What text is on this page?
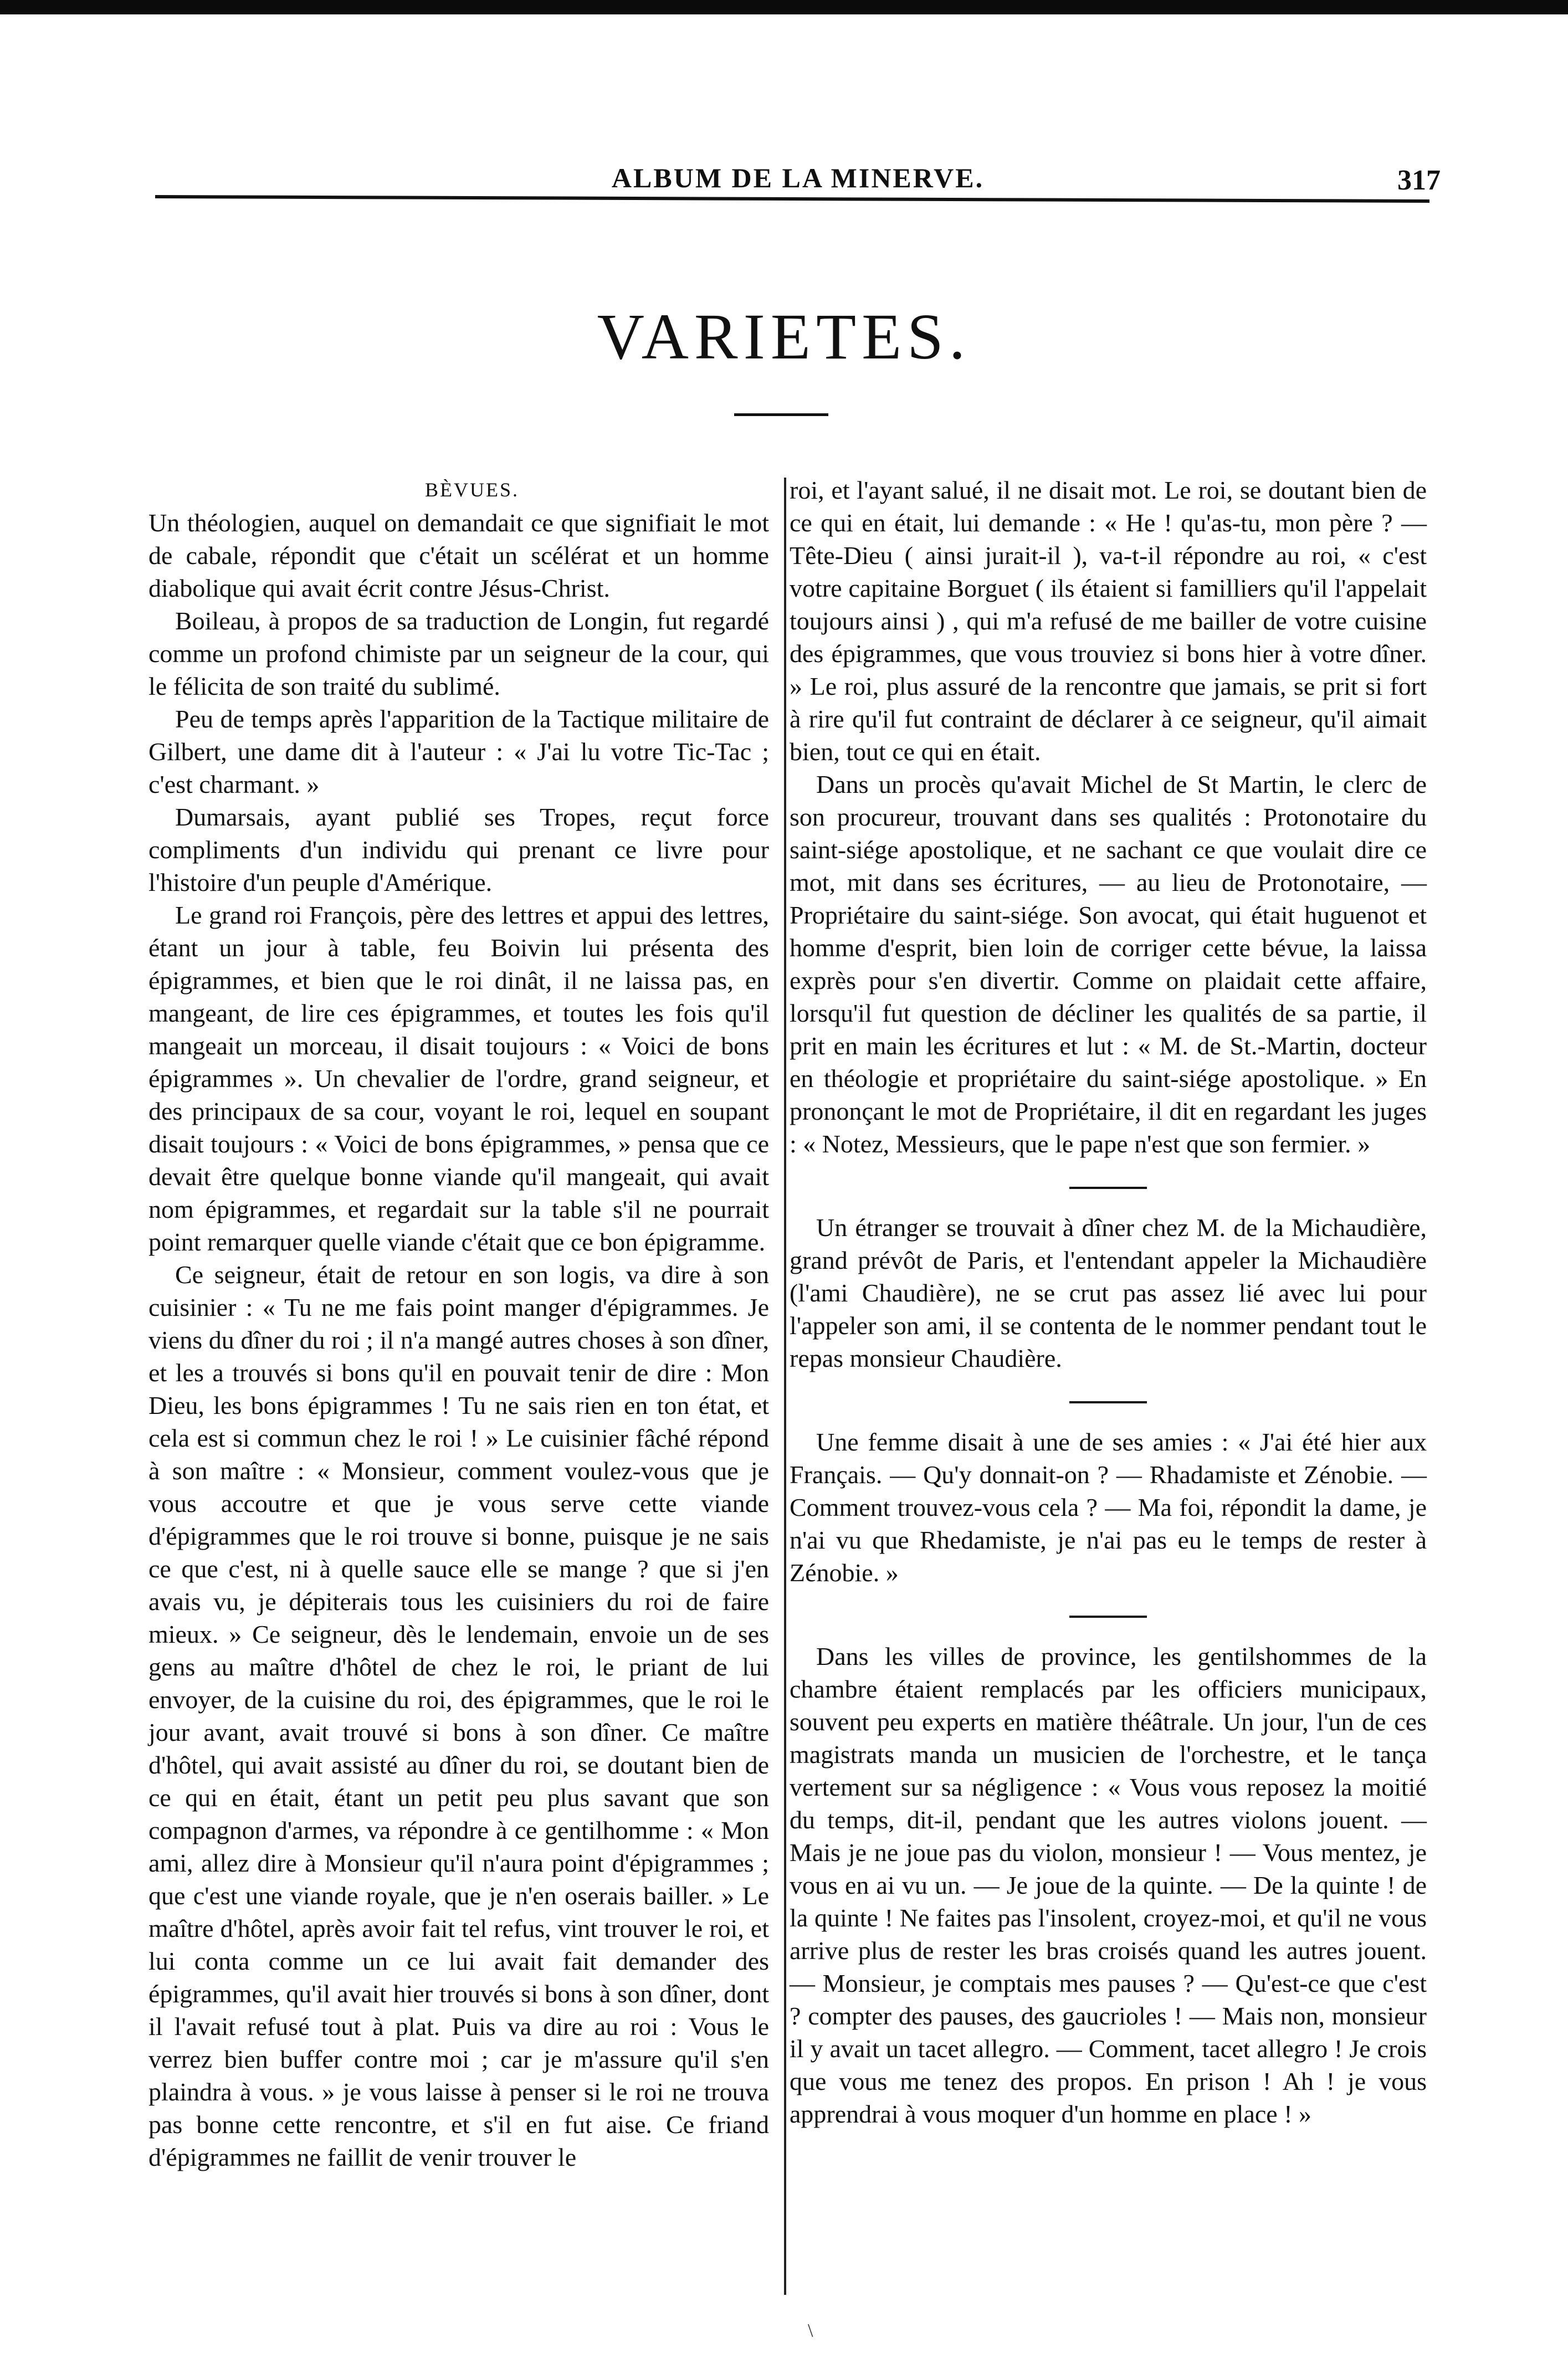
ALBUM DE LA MINERVE.	317
VARIETES.

BÈVUES.

Un théologien, auquel on demandait ce que signifiait le mot de cabale, répondit que c'était un scélérat et un homme diabolique qui avait écrit contre Jésus-Christ.

Boileau, à propos de sa traduction de Longin, fut regardé comme un profond chimiste par un seigneur de la cour, qui le félicita de son traité du sublimé.

Peu de temps après l'apparition de la Tactique militaire de Gilbert, une dame dit à l'auteur : « J'ai lu votre Tic-Tac ; c'est charmant. »

Dumarsais, ayant publié ses Tropes, reçut force compliments d'un individu qui prenant ce livre pour l'histoire d'un peuple d'Amérique.

Le grand roi François, père des lettres et appui des lettres, étant un jour à table, feu Boivin lui présenta des épigrammes, et bien que le roi dinât, il ne laissa pas, en mangeant, de lire ces épigrammes, et toutes les fois qu'il mangeait un morceau, il disait toujours : « Voici de bons épigrammes ». Un chevalier de l'ordre, grand seigneur, et des principaux de sa cour, voyant le roi, lequel en soupant disait toujours : « Voici de bons épigrammes, » pensa que ce devait être quelque bonne viande qu'il mangeait, qui avait nom épigrammes, et regardait sur la table s'il ne pourrait point remarquer quelle viande c'était que ce bon épigramme.

Ce seigneur, était de retour en son logis, va dire à son cuisinier : « Tu ne me fais point manger d'épigrammes. Je viens du dîner du roi ; il n'a mangé autres choses à son dîner, et les a trouvés si bons qu'il en pouvait tenir de dire : Mon Dieu, les bons épigrammes ! Tu ne sais rien en ton état, et cela est si commun chez le roi ! » Le cuisinier fâché répond à son maître : « Monsieur, comment voulez-vous que je vous accoutre et que je vous serve cette viande d'épigrammes que le roi trouve si bonne, puisque je ne sais ce que c'est, ni à quelle sauce elle se mange ? que si j'en avais vu, je dépiterais tous les cuisiniers du roi de faire mieux. » Ce seigneur, dès le lendemain, envoie un de ses gens au maître d'hôtel de chez le roi, le priant de lui envoyer, de la cuisine du roi, des épigrammes, que le roi le jour avant, avait trouvé si bons à son dîner. Ce maître d'hôtel, qui avait assisté au dîner du roi, se doutant bien de ce qui en était, étant un petit peu plus savant que son compagnon d'armes, va répondre à ce gentilhomme : « Mon ami, allez dire à Monsieur qu'il n'aura point d'épigrammes ; que c'est une viande royale, que je n'en oserais bailler. » Le maître d'hôtel, après avoir fait tel refus, vint trouver le roi, et lui conta comme un ce lui avait fait demander des épigrammes, qu'il avait hier trouvés si bons à son dîner, dont il l'avait refusé tout à plat. Puis va dire au roi : Vous le verrez bien buffer contre moi ; car je m'assure qu'il s'en plaindra à vous. » je vous laisse à penser si le roi ne trouva pas bonne cette rencontre, et s'il en fut aise. Ce friand d'épigrammes ne faillit de venir trouver le

roi, et l'ayant salué, il ne disait mot. Le roi, se doutant bien de ce qui en était, lui demande : « He ! qu'as-tu, mon père ? — Tête-Dieu ( ainsi jurait-il ), va-t-il répondre au roi, « c'est votre capitaine Borguet ( ils étaient si familliers qu'il l'appelait toujours ainsi ) , qui m'a refusé de me bailler de votre cuisine des épigrammes, que vous trouviez si bons hier à votre dîner. » Le roi, plus assuré de la rencontre que jamais, se prit si fort à rire qu'il fut contraint de déclarer à ce seigneur, qu'il aimait bien, tout ce qui en était.

Dans un procès qu'avait Michel de St Martin, le clerc de son procureur, trouvant dans ses qualités : Protonotaire du saint-siége apostolique, et ne sachant ce que voulait dire ce mot, mit dans ses écritures, — au lieu de Protonotaire, — Propriétaire du saint-siége. Son avocat, qui était huguenot et homme d'esprit, bien loin de corriger cette bévue, la laissa exprès pour s'en divertir. Comme on plaidait cette affaire, lorsqu'il fut question de décliner les qualités de sa partie, il prit en main les écritures et lut : « M. de St.-Martin, docteur en théologie et propriétaire du saint-siége apostolique. » En prononçant le mot de Propriétaire, il dit en regardant les juges : « Notez, Messieurs, que le pape n'est que son fermier. »

Un étranger se trouvait à dîner chez M. de la Michaudière, grand prévôt de Paris, et l'entendant appeler la Michaudière (l'ami Chaudière), ne se crut pas assez lié avec lui pour l'appeler son ami, il se contenta de le nommer pendant tout le repas monsieur Chaudière.

Une femme disait à une de ses amies : « J'ai été hier aux Français. — Qu'y donnait-on ? — Rhadamiste et Zénobie. — Comment trouvez-vous cela ? — Ma foi, répondit la dame, je n'ai vu que Rhedamiste, je n'ai pas eu le temps de rester à Zénobie. »

Dans les villes de province, les gentilshommes de la chambre étaient remplacés par les officiers municipaux, souvent peu experts en matière théâtrale. Un jour, l'un de ces magistrats manda un musicien de l'orchestre, et le tança vertement sur sa négligence : « Vous vous reposez la moitié du temps, dit-il, pendant que les autres violons jouent. — Mais je ne joue pas du violon, monsieur ! — Vous mentez, je vous en ai vu un. — Je joue de la quinte. — De la quinte ! de la quinte ! Ne faites pas l'insolent, croyez-moi, et qu'il ne vous arrive plus de rester les bras croisés quand les autres jouent. — Monsieur, je comptais mes pauses ? — Qu'est-ce que c'est ? compter des pauses, des gaucrioles ! — Mais non, monsieur il y avait un tacet allegro. — Comment, tacet allegro ! Je crois que vous me tenez des propos. En prison ! Ah ! je vous apprendrai à vous moquer d'un homme en place ! »

\
